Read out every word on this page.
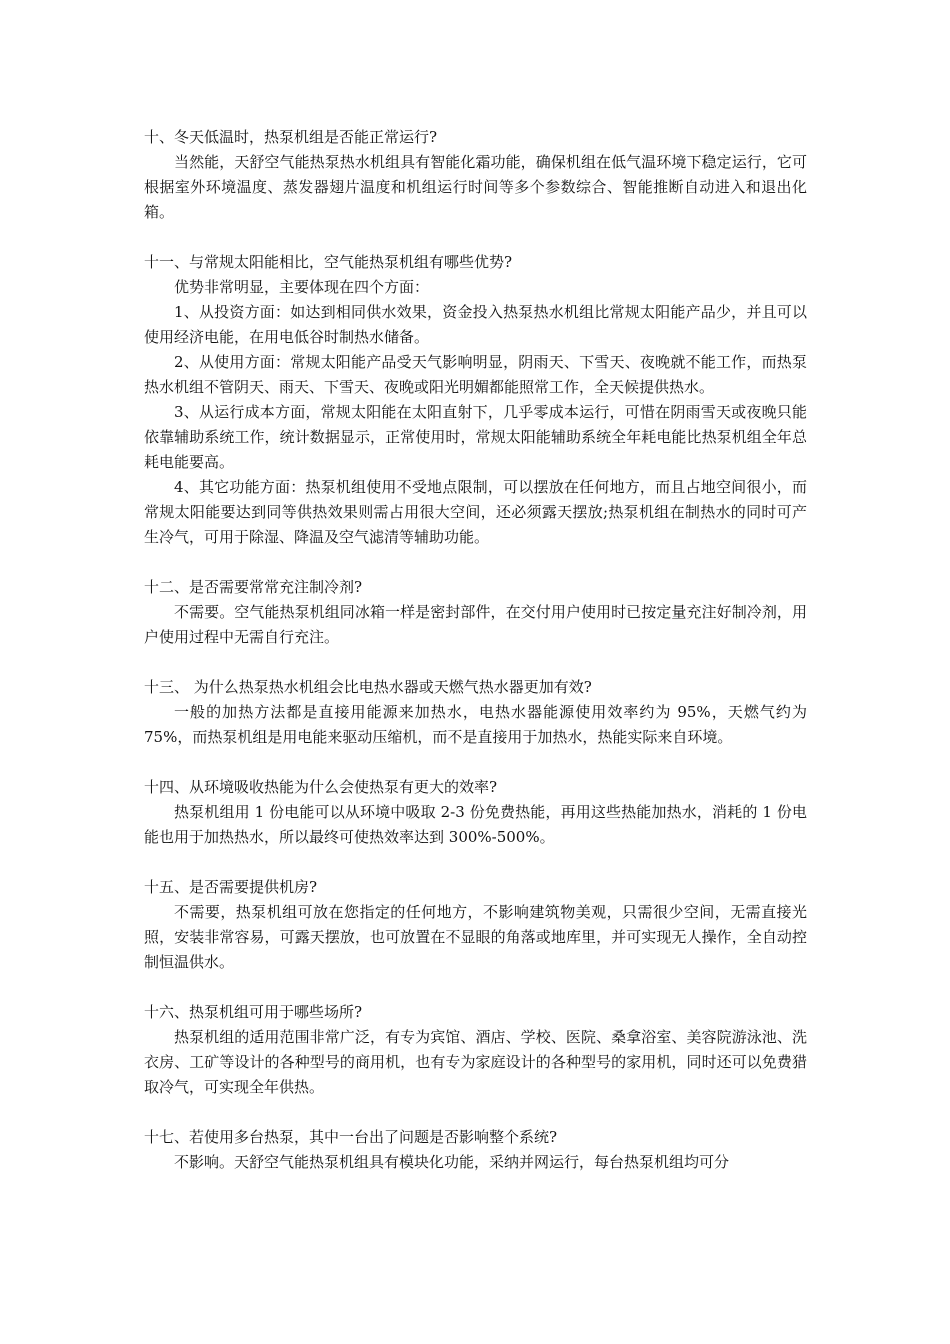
十、冬天低温时，热泵机组是否能正常运行?
当然能，天舒空气能热泵热水机组具有智能化霜功能，确保机组在低气温环境下稳定运行，它可根据室外环境温度、蒸发器翅片温度和机组运行时间等多个参数综合、智能推断自动进入和退出化箱。
十一、与常规太阳能相比，空气能热泵机组有哪些优势?
优势非常明显，主要体现在四个方面：
1、从投资方面：如达到相同供水效果，资金投入热泵热水机组比常规太阳能产品少，并且可以使用经济电能，在用电低谷时制热水储备。
2、从使用方面：常规太阳能产品受天气影响明显，阴雨天、下雪天、夜晚就不能工作，而热泵热水机组不管阴天、雨天、下雪天、夜晚或阳光明媚都能照常工作，全天候提供热水。
3、从运行成本方面，常规太阳能在太阳直射下，几乎零成本运行，可惜在阴雨雪天或夜晚只能依靠辅助系统工作，统计数据显示，正常使用时，常规太阳能辅助系统全年耗电能比热泵机组全年总耗电能要高。
4、其它功能方面：热泵机组使用不受地点限制，可以摆放在任何地方，而且占地空间很小，而常规太阳能要达到同等供热效果则需占用很大空间，还必须露天摆放;热泵机组在制热水的同时可产生冷气，可用于除湿、降温及空气滤清等辅助功能。
十二、是否需要常常充注制冷剂?
不需要。空气能热泵机组同冰箱一样是密封部件，在交付用户使用时已按定量充注好制冷剂，用户使用过程中无需自行充注。
十三、 为什么热泵热水机组会比电热水器或天燃气热水器更加有效?
一般的加热方法都是直接用能源来加热水，电热水器能源使用效率约为 95%，天燃气约为 75%，而热泵机组是用电能来驱动压缩机，而不是直接用于加热水，热能实际来自环境。
十四、从环境吸收热能为什么会使热泵有更大的效率?
热泵机组用 1 份电能可以从环境中吸取 2-3 份免费热能，再用这些热能加热水，消耗的 1 份电能也用于加热热水，所以最终可使热效率达到 300%-500%。
十五、是否需要提供机房?
不需要，热泵机组可放在您指定的任何地方，不影响建筑物美观，只需很少空间，无需直接光照，安装非常容易，可露天摆放，也可放置在不显眼的角落或地库里，并可实现无人操作，全自动控制恒温供水。
十六、热泵机组可用于哪些场所?
热泵机组的适用范围非常广泛，有专为宾馆、酒店、学校、医院、桑拿浴室、美容院游泳池、洗衣房、工矿等设计的各种型号的商用机，也有专为家庭设计的各种型号的家用机，同时还可以免费猎取冷气，可实现全年供热。
十七、若使用多台热泵，其中一台出了问题是否影响整个系统?
不影响。天舒空气能热泵机组具有模块化功能，采纳并网运行，每台热泵机组均可分
